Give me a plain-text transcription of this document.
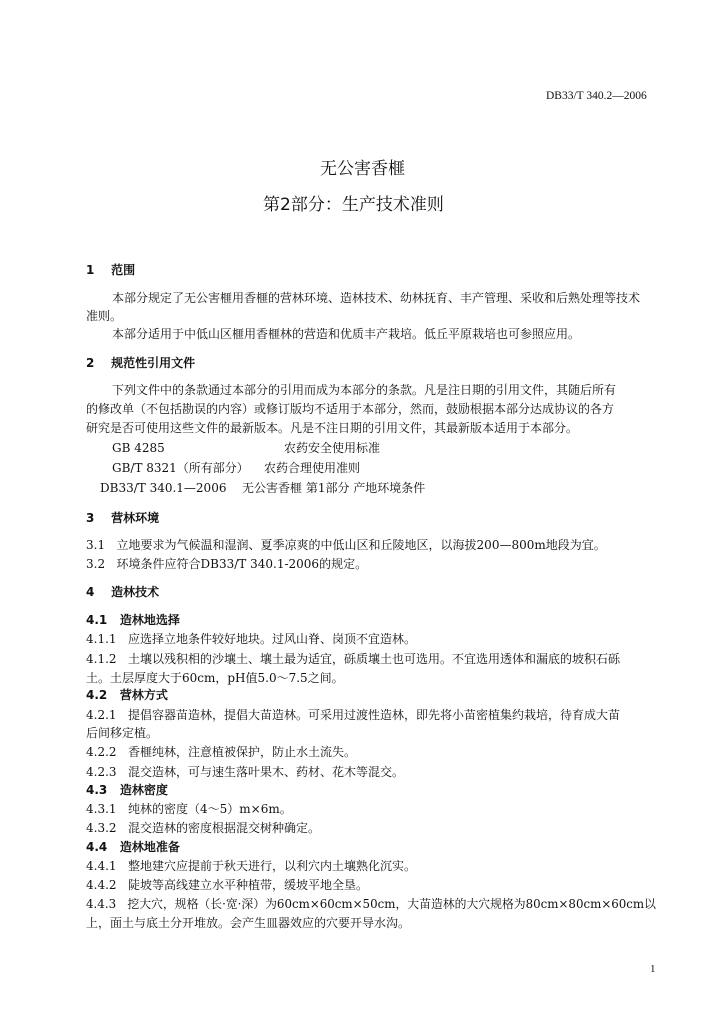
DB33/T 340.2—2006
无公害香榧
第2部分：生产技术准则
1 范围
本部分规定了无公害榧用香榧的营林环境、造林技术、幼林抚育、丰产管理、采收和后熟处理等技术
准则。
本部分适用于中低山区榧用香榧林的营造和优质丰产栽培。低丘平原栽培也可参照应用。
2 规范性引用文件
下列文件中的条款通过本部分的引用而成为本部分的条款。凡是注日期的引用文件，其随后所有
的修改单（不包括勘误的内容）或修订版均不适用于本部分，然而，鼓励根据本部分达成协议的各方
研究是否可使用这些文件的最新版本。凡是不注日期的引用文件，其最新版本适用于本部分。
GB 4285	农药安全使用标准
GB/T 8321（所有部分） 农药合理使用准则
DB33/T 340.1—2006 无公害香榧 第1部分 产地环境条件
3 营林环境
3.1 立地要求为气候温和湿润、夏季凉爽的中低山区和丘陵地区，以海拔200—800m地段为宜。
3.2 环境条件应符合DB33/T 340.1-2006的规定。
4 造林技术
4.1 造林地选择
4.1.1 应选择立地条件较好地块。过风山脊、岗顶不宜造林。
4.1.2 土壤以残积相的沙壤土、壤土最为适宜，砾质壤土也可选用。不宜选用透体和漏底的坡积石砾
土。土层厚度大于60cm，pH值5.0～7.5之间。
4.2 营林方式
4.2.1 提倡容器苗造林，提倡大苗造林。可采用过渡性造林，即先将小苗密植集约栽培，待育成大苗
后间移定植。
4.2.2 香榧纯林，注意植被保护，防止水土流失。
4.2.3 混交造林，可与速生落叶果木、药材、花木等混交。
4.3 造林密度
4.3.1 纯林的密度（4～5）m×6m。
4.3.2 混交造林的密度根据混交树种确定。
4.4 造林地准备
4.4.1 整地建穴应提前于秋天进行，以利穴内土壤熟化沉实。
4.4.2 陡坡等高线建立水平种植带，缓坡平地全垦。
4.4.3 挖大穴，规格（长·宽·深）为60cm×60cm×50cm，大苗造林的大穴规格为80cm×80cm×60cm以
上，面土与底土分开堆放。会产生皿器效应的穴要开导水沟。
1
